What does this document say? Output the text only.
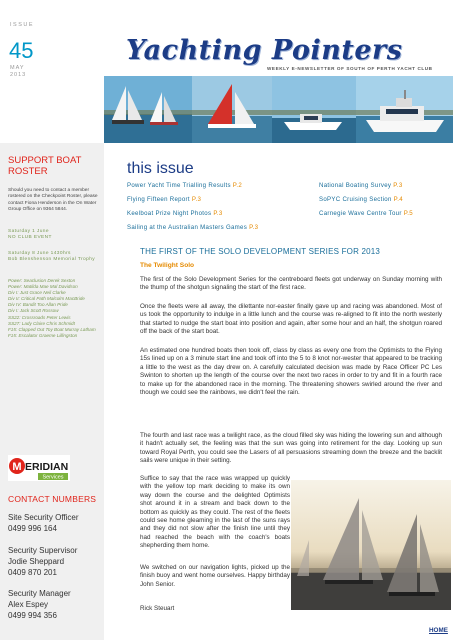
ISSUE
45
MAY
2013
Yachting Pointers
WEEKLY E-NEWSLETTER OF SOUTH OF PERTH YACHT CLUB
SUPPORT BOAT
ROSTER
Should you need to contact a member rostered on the Checkpoint Roster, please contact Fiona Henderson in the On Water Group Office on 9364 5844.
Saturday 1 June
NO CLUB EVENT
Saturday 8 June 1430hrs
Bob Blenshenson Memorial Trophy
Power: Seaclusion Derek Sexton
Power: Matilda Mae Mal Davidson
Div I: Just Grace Neil Clarke
Div II: Critical Path Malcolm MacBride
Div IV: Bandit Too Allan Pride
Div I: Jack Scott Rossow
SS22: Crossroads Peter Lewis
SS27: Lady Claire Chris Schmidt
F15: Clapped Out Toy Boat Murray Latham
F15: Escalator Graeme Lillingston
M ERIDIAN
Services
CONTACT NUMBERS
Site Security Officer
0499 996 164
Security Supervisor
Jodie Sheppard
0409 870 201
Security Manager
Alex Espey
0499 994 356
this issue
Power Yacht Time Trialling Results P.2
Flying Fifteen Report P.3
Keelboat Prize Night Photos P.3
Sailing at the Australian Masters Games P.3
National Boating Survey P.3
SoPYC Cruising Section P.4
Carnegie Wave Centre Tour P.5
THE FIRST OF THE SOLO DEVELOPMENT SERIES FOR 2013
The Twilight Solo
The first of the Solo Development Series for the centreboard fleets got underway on Sunday morning with the thump of the shotgun signaling the start of the first race.
Once the fleets were all away, the dilettante nor-easter finally gave up and racing was abandoned. Most of us took the opportunity to indulge in a little lunch and the course was re-aligned to fit into the north westerly that started to nudge the start boat into position and again, after some hour and an half, the shotgun roared off the back of the start boat.
An estimated one hundred boats then took off, class by class as every one from the Optimists to the Flying 15s lined up on a 3 minute start line and took off into the 5 to 8 knot nor-wester that appeared to be tracking a little to the west as the day drew on. A carefully calculated decision was made by Race Officer PC Les Swinton to shorten up the length of the course over the next two races in order to try and fit in a fourth race to make up for the abandoned race in the morning. The threatening showers swirled around the river and though we could see the rainbows, we didn't feel the rain.
The fourth and last race was a twilight race, as the cloud filled sky was hiding the lowering sun and although it hadn't actually set, the feeling was that the sun was going into retirement for the day. Looking up sun toward Royal Perth, you could see the Lasers of all persuasions streaming down the breeze and the backlit sails were unique in their setting.
Suffice to say that the race was wrapped up quickly with the yellow top mark deciding to make its own way down the course and the delighted Optimists shot around it in a stream and back down to the bottom as quickly as they could. The rest of the fleets could see home gleaming in the last of the suns rays and they did not slow after the finish line until they had reached the beach with the coach's boats shepherding them home.
We switched on our navigation lights, picked up the finish buoy and went home ourselves. Happy birthday John Senior.
Rick Steuart
HOME
